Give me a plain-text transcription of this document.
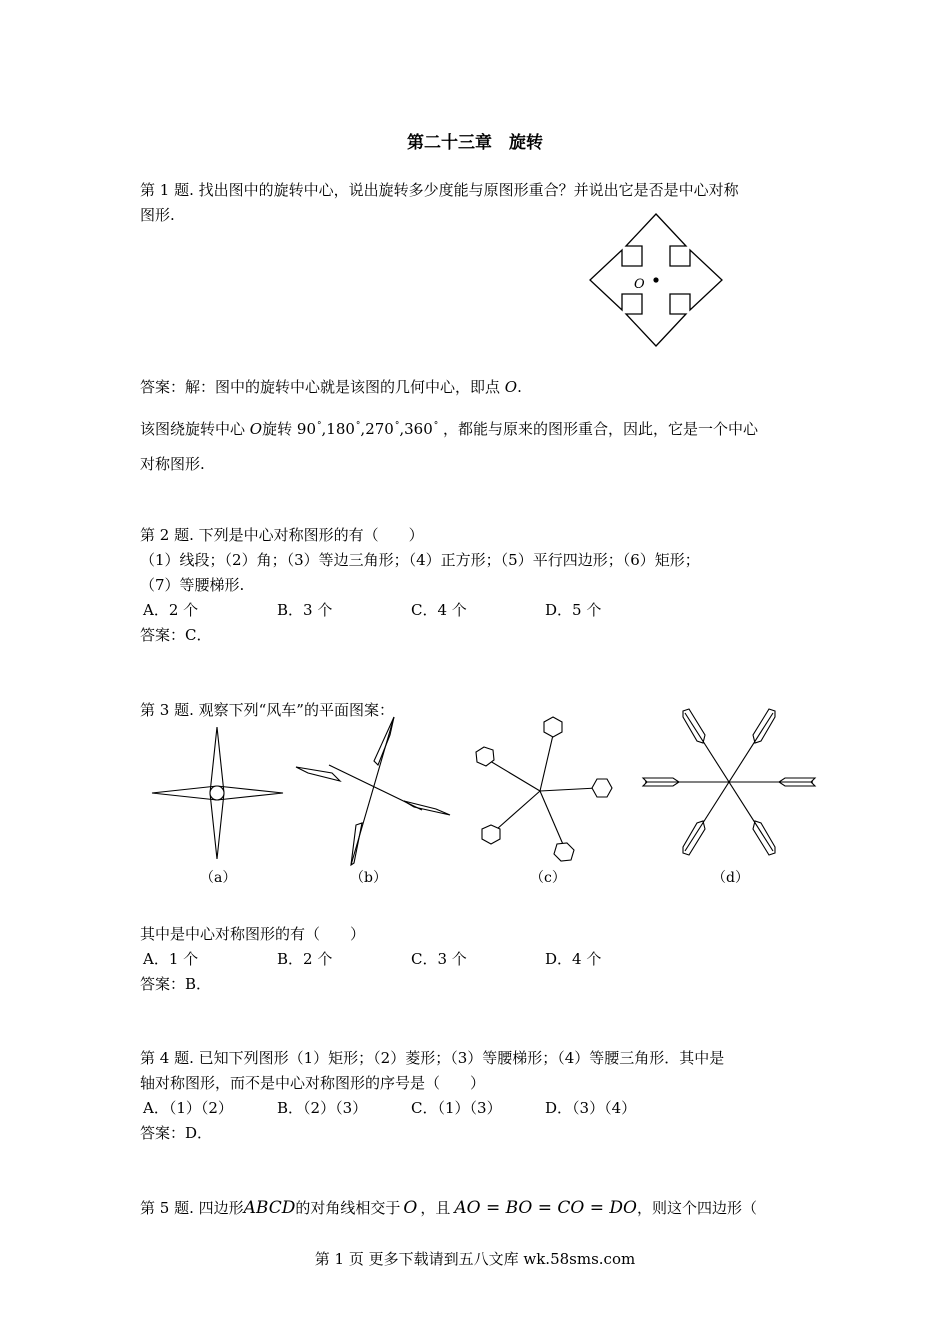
第二十三章　旋转
第 1 题. 找出图中的旋转中心，说出旋转多少度能与原图形重合？并说出它是否是中心对称
图形.
O
答案：解：图中的旋转中心就是该图的几何中心，即点 O.
该图绕旋转中心 O旋转 90°,180°,270°,360° ，都能与原来的图形重合，因此，它是一个中心
对称图形.
第 2 题. 下列是中心对称图形的有（　　）
（1）线段；（2）角；（3）等边三角形；（4）正方形；（5）平行四边形；（6）矩形；
（7）等腰梯形.
A．2 个	B．3 个	C．4 个	D．5 个
答案：C．
第 3 题. 观察下列“风车”的平面图案：
（a）	（b）	（c）	（d）
其中是中心对称图形的有（　　）
A．1 个	B．2 个	C．3 个	D．4 个
答案：B．
第 4 题. 已知下列图形（1）矩形；（2）菱形；（3）等腰梯形；（4）等腰三角形．其中是
轴对称图形，而不是中心对称图形的序号是（　　）
A．（1）（2）	B．（2）（3）	C．（1）（3）	D．（3）（4）
答案：D．
第 5 题. 四边形ABCD的对角线相交于 O ，且 AO = BO = CO = DO，则这个四边形（
第 1 页 更多下载请到五八文库 wk.58sms.com
